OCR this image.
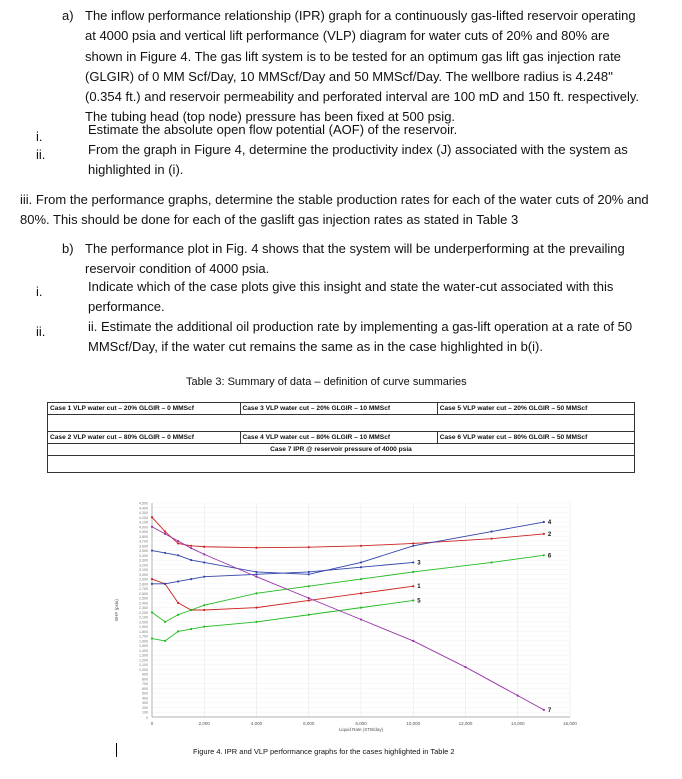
a) The inflow performance relationship (IPR) graph for a continuously gas-lifted reservoir operating at 4000 psia and vertical lift performance (VLP) diagram for water cuts of 20% and 80% are shown in Figure 4. The gas lift system is to be tested for an optimum gas lift gas injection rate (GLGIR) of 0 MM Scf/Day, 10 MMScf/Day and 50 MMScf/Day. The wellbore radius is 4.248'' (0.354 ft.) and reservoir permeability and perforated interval are 100 mD and 150 ft. respectively. The tubing head (top node) pressure has been fixed at 500 psig.
i.	Estimate the absolute open flow potential (AOF) of the reservoir.
ii.	From the graph in Figure 4, determine the productivity index (J) associated with the system as highlighted in (i).
iii. From the performance graphs, determine the stable production rates for each of the water cuts of 20% and 80%. This should be done for each of the gaslift gas injection rates as stated in Table 3
b) The performance plot in Fig. 4 shows that the system will be underperforming at the prevailing reservoir condition of 4000 psia.
i.	Indicate which of the case plots give this insight and state the water-cut associated with this performance.
ii.	ii. Estimate the additional oil production rate by implementing a gas-lift operation at a rate of 50 MMScf/Day, if the water cut remains the same as in the case highlighted in b(i).
Table 3: Summary of data – definition of curve summaries
Case 1 VLP water cut – 20% GLGIR – 0 MMScf	Case 3 VLP water cut – 20% GLGIR – 10 MMScf	Case 5 VLP water cut – 20% GLGIR – 50 MMScf

Case 2 VLP water cut – 80% GLGIR – 0 MMScf	Case 4 VLP water cut – 80% GLGIR – 10 MMScf	Case 6 VLP water cut – 80% GLGIR – 50 MMScf
Case 7 IPR @ reservoir pressure of 4000 psia		

0	2,000	4,000	6,000	8,000	10,000	12,000	14,000	16,000
100
200
300
400
500
600
700
800
900
1,000
1,100
1,200
1,300
1,400
1,500
1,600
1,700
1,800
1,900
2,000
2,100
2,200
2,300
2,400
2,500
2,600
2,700
2,800
2,900
3,000
3,100
3,200
3,300
3,400
3,500
3,600
3,700
3,800
3,900
4,000
4,100
4,200
4,300
4,400
4,500
0
Liquid Rate (STB/day)
BHP (psia)
1
2
3
4
5
6
7
Figure 4. IPR and VLP performance graphs for the cases highlighted in Table 2
